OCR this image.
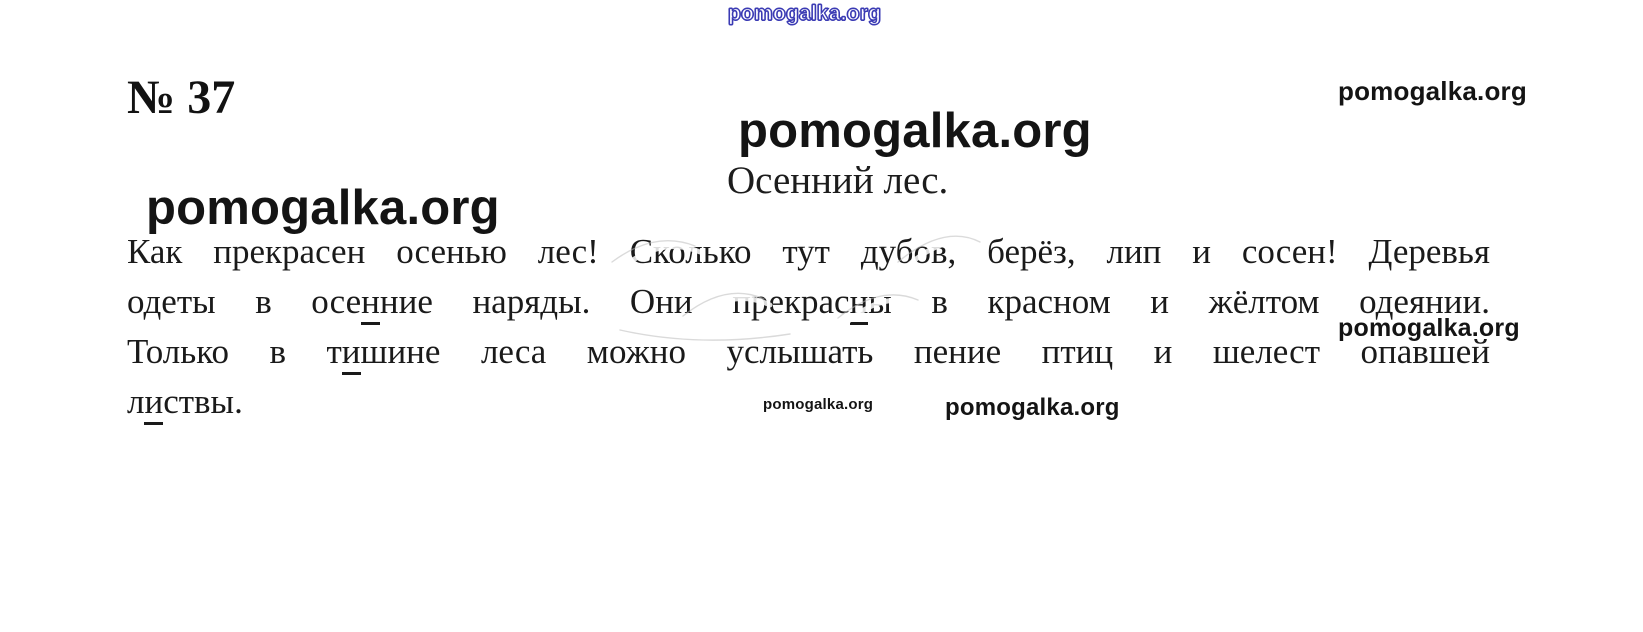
pomogalka.org
№ 37	pomogalka.org
pomogalka.org
Осенний лес.
pomogalka.org
Как прекрасен осенью лес! Сколько тут дубов, берёз, лип и сосен! Деревья
одеты в осенние наряды. Они прекрасны в красном и жёлтом одеянии.
Только в тишине леса можно услышать пение птиц и шелест опавшей
листвы.
pomogalka.org
pomogalka.org	pomogalka.org
